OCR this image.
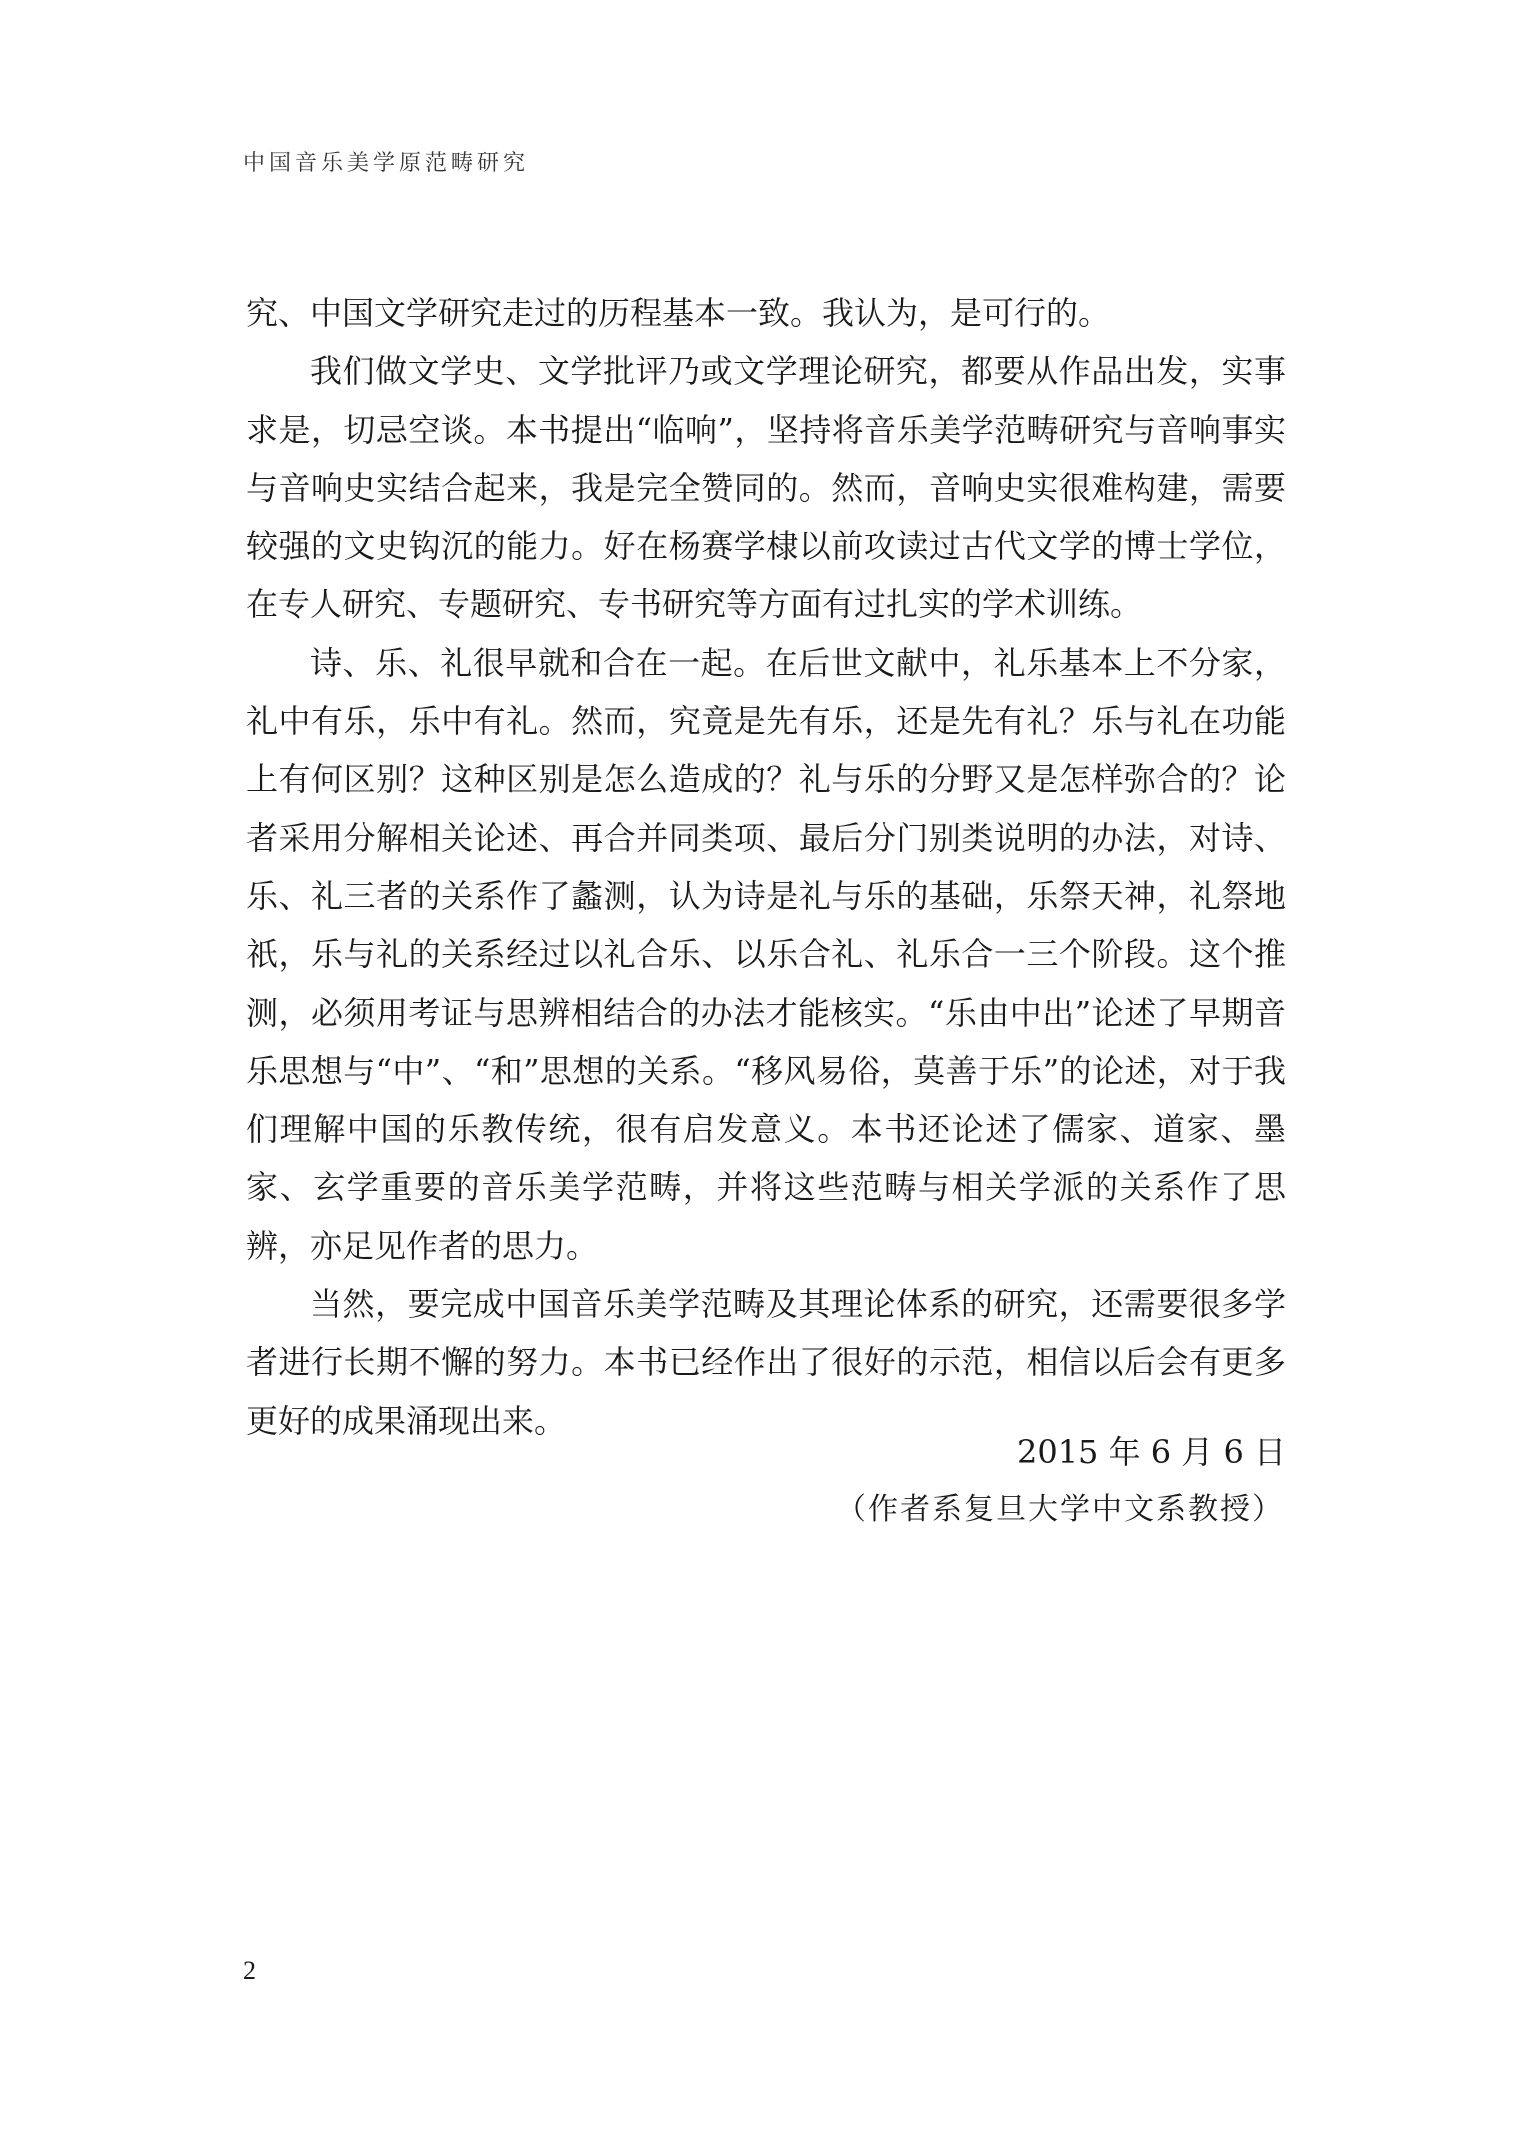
中国音乐美学原范畴研究

究、中国文学研究走过的历程基本一致。我认为，是可行的。

我们做文学史、文学批评乃或文学理论研究，都要从作品出发，实事求是，切忌空谈。本书提出“临响”，坚持将音乐美学范畴研究与音响事实与音响史实结合起来，我是完全赞同的。然而，音响史实很难构建，需要较强的文史钩沉的能力。好在杨赛学棣以前攻读过古代文学的博士学位，在专人研究、专题研究、专书研究等方面有过扎实的学术训练。

诗、乐、礼很早就和合在一起。在后世文献中，礼乐基本上不分家，礼中有乐，乐中有礼。然而，究竟是先有乐，还是先有礼？乐与礼在功能上有何区别？这种区别是怎么造成的？礼与乐的分野又是怎样弥合的？论者采用分解相关论述、再合并同类项、最后分门别类说明的办法，对诗、乐、礼三者的关系作了蠡测，认为诗是礼与乐的基础，乐祭天神，礼祭地祇，乐与礼的关系经过以礼合乐、以乐合礼、礼乐合一三个阶段。这个推测，必须用考证与思辨相结合的办法才能核实。“乐由中出”论述了早期音乐思想与“中”、“和”思想的关系。“移风易俗，莫善于乐”的论述，对于我们理解中国的乐教传统，很有启发意义。本书还论述了儒家、道家、墨家、玄学重要的音乐美学范畴，并将这些范畴与相关学派的关系作了思辨，亦足见作者的思力。

当然，要完成中国音乐美学范畴及其理论体系的研究，还需要很多学者进行长期不懈的努力。本书已经作出了很好的示范，相信以后会有更多更好的成果涌现出来。

2015 年 6 月 6 日
（作者系复旦大学中文系教授）
2
